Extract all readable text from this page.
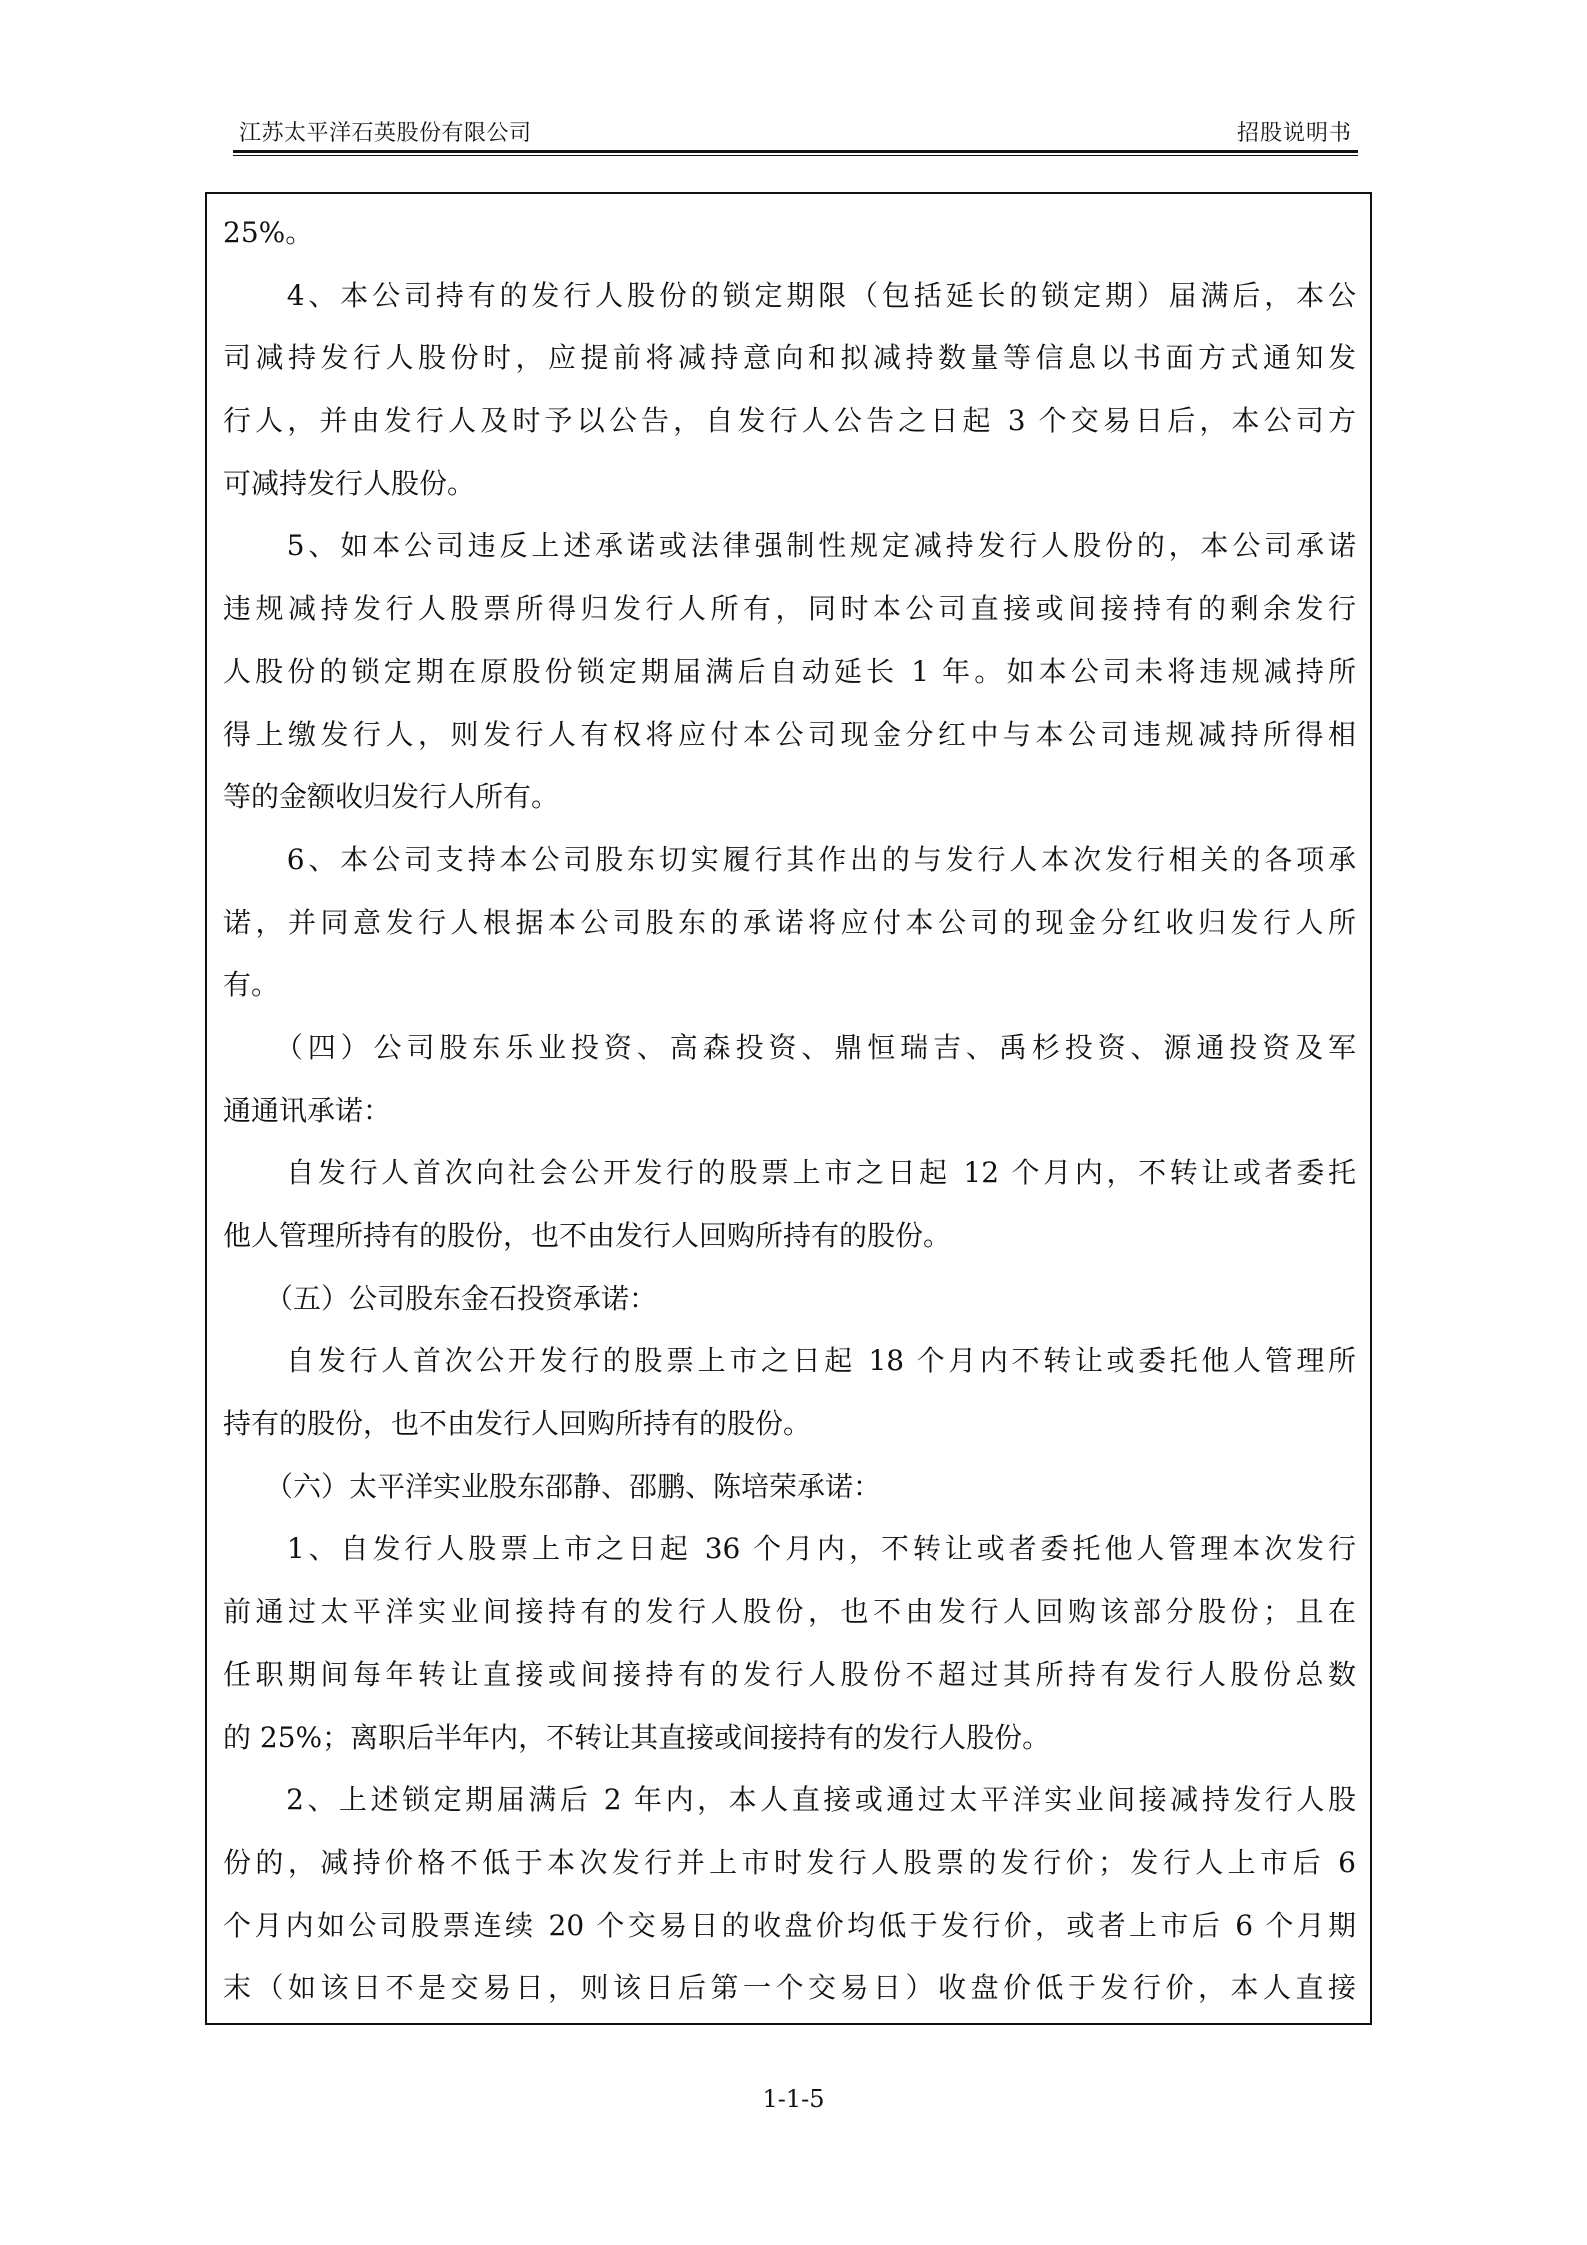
江苏太平洋石英股份有限公司	招股说明书
25%。
　　4、本公司持有的发行人股份的锁定期限（包括延长的锁定期）届满后，本公
司减持发行人股份时，应提前将减持意向和拟减持数量等信息以书面方式通知发
行人，并由发行人及时予以公告，自发行人公告之日起 3 个交易日后，本公司方
可减持发行人股份。
　　5、如本公司违反上述承诺或法律强制性规定减持发行人股份的，本公司承诺
违规减持发行人股票所得归发行人所有，同时本公司直接或间接持有的剩余发行
人股份的锁定期在原股份锁定期届满后自动延长 1 年。如本公司未将违规减持所
得上缴发行人，则发行人有权将应付本公司现金分红中与本公司违规减持所得相
等的金额收归发行人所有。
　　6、本公司支持本公司股东切实履行其作出的与发行人本次发行相关的各项承
诺，并同意发行人根据本公司股东的承诺将应付本公司的现金分红收归发行人所
有。
　　（四）公司股东乐业投资、高森投资、鼎恒瑞吉、禹杉投资、源通投资及军
通通讯承诺：
　　自发行人首次向社会公开发行的股票上市之日起 12 个月内，不转让或者委托
他人管理所持有的股份，也不由发行人回购所持有的股份。
　　（五）公司股东金石投资承诺：
　　自发行人首次公开发行的股票上市之日起 18 个月内不转让或委托他人管理所
持有的股份，也不由发行人回购所持有的股份。
　　（六）太平洋实业股东邵静、邵鹏、陈培荣承诺：
　　1、自发行人股票上市之日起 36 个月内，不转让或者委托他人管理本次发行
前通过太平洋实业间接持有的发行人股份，也不由发行人回购该部分股份；且在
任职期间每年转让直接或间接持有的发行人股份不超过其所持有发行人股份总数
的 25%；离职后半年内，不转让其直接或间接持有的发行人股份。
　　2、上述锁定期届满后 2 年内，本人直接或通过太平洋实业间接减持发行人股
份的，减持价格不低于本次发行并上市时发行人股票的发行价；发行人上市后 6
个月内如公司股票连续 20 个交易日的收盘价均低于发行价，或者上市后 6 个月期
末（如该日不是交易日，则该日后第一个交易日）收盘价低于发行价，本人直接
1-1-5
